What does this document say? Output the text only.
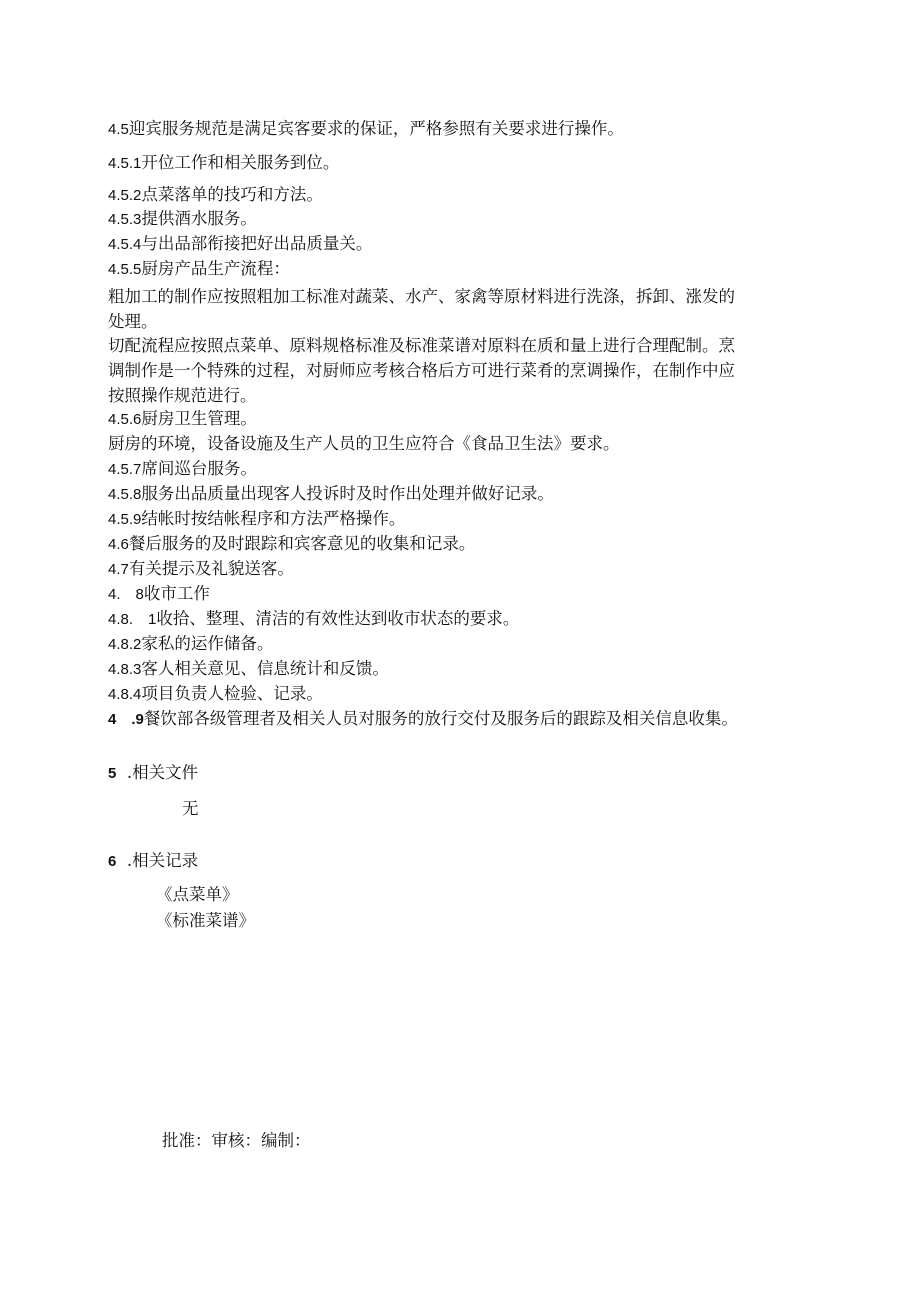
4.5迎宾服务规范是满足宾客要求的保证，严格参照有关要求进行操作。
4.5.1开位工作和相关服务到位。
4.5.2点菜落单的技巧和方法。
4.5.3提供酒水服务。
4.5.4与出品部衔接把好出品质量关。
4.5.5厨房产品生产流程：
粗加工的制作应按照粗加工标准对蔬菜、水产、家禽等原材料进行洗涤，拆卸、涨发的
处理。
切配流程应按照点菜单、原料规格标准及标准菜谱对原料在质和量上进行合理配制。烹
调制作是一个特殊的过程，对厨师应考核合格后方可进行菜肴的烹调操作，在制作中应
按照操作规范进行。
4.5.6厨房卫生管理。
厨房的环境，设备设施及生产人员的卫生应符合《食品卫生法》要求。
4.5.7席间巡台服务。
4.5.8服务出品质量出现客人投诉时及时作出处理并做好记录。
4.5.9结帐时按结帐程序和方法严格操作。
4.6餐后服务的及时跟踪和宾客意见的收集和记录。
4.7有关提示及礼貌送客。
4.　8收市工作
4.8.　1收拾、整理、清洁的有效性达到收市状态的要求。
4.8.2家私的运作储备。
4.8.3客人相关意见、信息统计和反馈。
4.8.4项目负责人检验、记录。
4　.9餐饮部各级管理者及相关人员对服务的放行交付及服务后的跟踪及相关信息收集。
5 .相关文件
无
6 .相关记录
《点菜单》
《标准菜谱》
批准：审核：编制：
